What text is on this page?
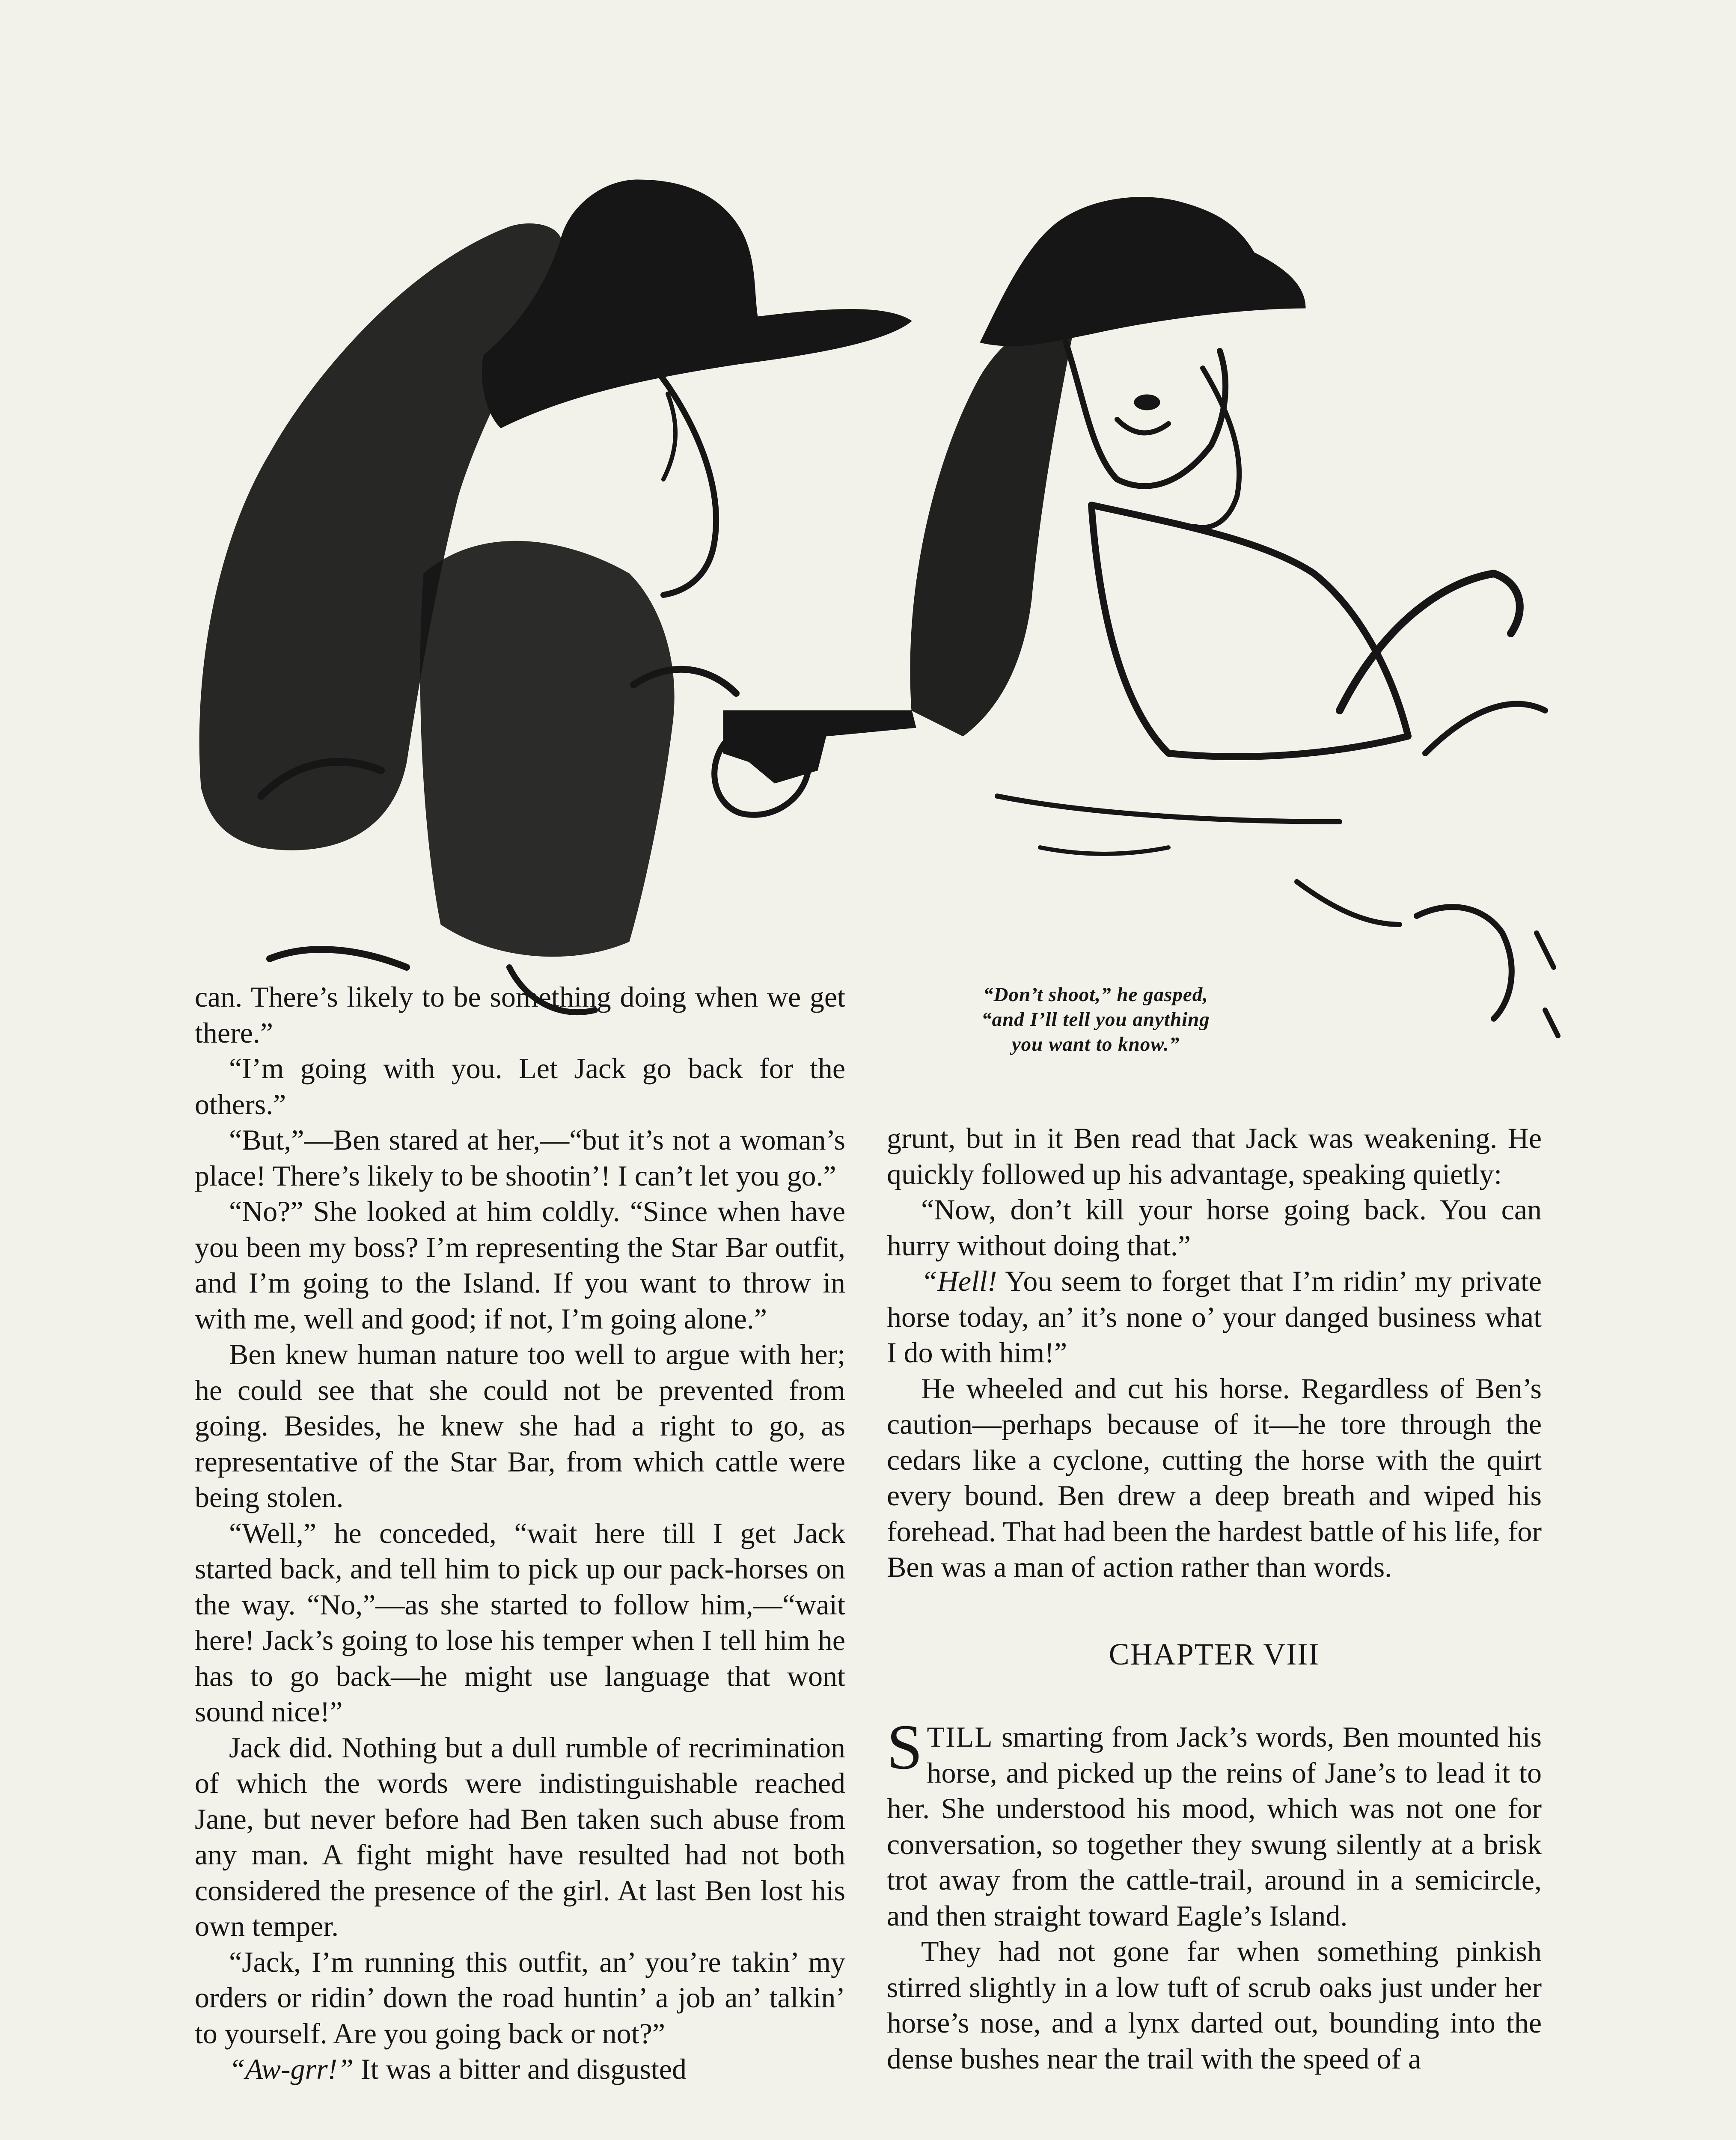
“Don’t shoot,” he gasped,
“and I’ll tell you anything
you want to know.”

can. There’s likely to be something doing when we get there.”

“I’m going with you. Let Jack go back for the others.”

“But,”—Ben stared at her,—“but it’s not a woman’s place! There’s likely to be shootin’! I can’t let you go.”

“No?” She looked at him coldly. “Since when have you been my boss? I’m representing the Star Bar outfit, and I’m going to the Island. If you want to throw in with me, well and good; if not, I’m going alone.”

Ben knew human nature too well to argue with her; he could see that she could not be prevented from going. Besides, he knew she had a right to go, as representative of the Star Bar, from which cattle were being stolen.

“Well,” he conceded, “wait here till I get Jack started back, and tell him to pick up our pack-horses on the way. “No,”—as she started to follow him,—“wait here! Jack’s going to lose his temper when I tell him he has to go back—he might use language that wont sound nice!”

Jack did. Nothing but a dull rumble of recrimination of which the words were indistinguishable reached Jane, but never before had Ben taken such abuse from any man. A fight might have resulted had not both considered the presence of the girl. At last Ben lost his own temper.

“Jack, I’m running this outfit, an’ you’re takin’ my orders or ridin’ down the road huntin’ a job an’ talkin’ to yourself. Are you going back or not?”

“Aw-grr!” It was a bitter and disgusted

grunt, but in it Ben read that Jack was weakening. He quickly followed up his advantage, speaking quietly:

“Now, don’t kill your horse going back. You can hurry without doing that.”

“Hell! You seem to forget that I’m ridin’ my private horse today, an’ it’s none o’ your danged business what I do with him!”

He wheeled and cut his horse. Regardless of Ben’s caution—perhaps because of it—he tore through the cedars like a cyclone, cutting the horse with the quirt every bound. Ben drew a deep breath and wiped his forehead. That had been the hardest battle of his life, for Ben was a man of action rather than words.

CHAPTER VIII

STILL smarting from Jack’s words, Ben mounted his horse, and picked up the reins of Jane’s to lead it to her. She understood his mood, which was not one for conversation, so together they swung silently at a brisk trot away from the cattle-trail, around in a semicircle, and then straight toward Eagle’s Island.

They had not gone far when something pinkish stirred slightly in a low tuft of scrub oaks just under her horse’s nose, and a lynx darted out, bounding into the dense bushes near the trail with the speed of a
